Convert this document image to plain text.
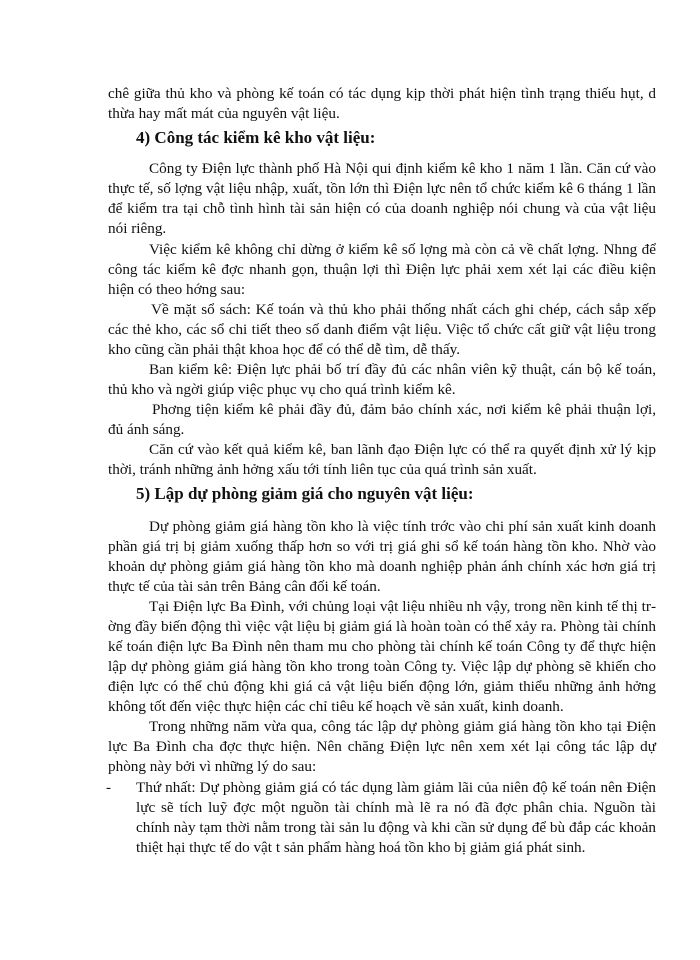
chê giữa thủ kho và phòng kế toán có tác dụng kịp thời phát hiện tình trạng thiếu hụt, d thừa hay mất mát của nguyên vật liệu.

4) Công tác kiểm kê kho vật liệu:

Công ty Điện lực thành phố Hà Nội qui định kiểm kê kho 1 năm 1 lần. Căn cứ vào thực tế, số lợng vật liệu nhập, xuất, tồn lớn thì Điện lực nên tổ chức kiểm kê 6 tháng 1 lần để kiểm tra tại chỗ tình hình tài sản hiện có của doanh nghiệp nói chung và của vật liệu nói riêng.

Việc kiểm kê không chỉ dừng ở kiểm kê số lợng mà còn cả về chất lợng. Nhng để công tác kiểm kê đợc nhanh gọn, thuận lợi thì Điện lực phải xem xét lại các điều kiện hiện có theo hớng sau:

Về mặt sổ sách: Kế toán và thủ kho phải thống nhất cách ghi chép, cách sắp xếp các thẻ kho, các sổ chi tiết theo số danh điểm vật liệu. Việc tổ chức cất giữ vật liệu trong kho cũng cần phải thật khoa học để có thể dễ tìm, dễ thấy.

Ban kiểm kê: Điện lực phải bố trí đầy đủ các nhân viên kỹ thuật, cán bộ kế toán, thủ kho và ngời giúp việc phục vụ cho quá trình kiểm kê.

Phơng tiện kiểm kê phải đầy đủ, đảm bảo chính xác, nơi kiểm kê phải thuận lợi, đủ ánh sáng.

Căn cứ vào kết quả kiểm kê, ban lãnh đạo Điện lực có thể ra quyết định xử lý kịp thời, tránh những ảnh hởng xấu tới tính liên tục của quá trình sản xuất.

5) Lập dự phòng giảm giá cho nguyên vật liệu:

Dự phòng giảm giá hàng tồn kho là việc tính trớc vào chi phí sản xuất kinh doanh phần giá trị bị giảm xuống thấp hơn so với trị giá ghi sổ kế toán hàng tồn kho. Nhờ vào khoản dự phòng giảm giá hàng tồn kho mà doanh nghiệp phản ánh chính xác hơn giá trị thực tế của tài sản trên Bảng cân đối kế toán.

Tại Điện lực Ba Đình, với chủng loại vật liệu nhiều nh vậy, trong nền kinh tế thị trờng đầy biến động thì việc vật liệu bị giảm giá là hoàn toàn có thể xảy ra. Phòng tài chính kế toán điện lực Ba Đình nên tham mu cho phòng tài chính kế toán Công ty để thực hiện lập dự phòng giảm giá hàng tồn kho trong toàn Công ty. Việc lập dự phòng sẽ khiến cho điện lực có thể chủ động khi giá cả vật liệu biến động lớn, giảm thiểu những ảnh hởng không tốt đến việc thực hiện các chỉ tiêu kế hoạch về sản xuất, kinh doanh.

Trong những năm vừa qua, công tác lập dự phòng giảm giá hàng tồn kho tại Điện lực Ba Đình cha đợc thực hiện. Nên chăng Điện lực nên xem xét lại công tác lập dự phòng này bởi vì những lý do sau:

- Thứ nhất: Dự phòng giảm giá có tác dụng làm giảm lãi của niên độ kế toán nên Điện lực sẽ tích luỹ đợc một nguồn tài chính mà lẽ ra nó đã đợc phân chia. Nguồn tài chính này tạm thời nằm trong tài sản lu động và khi cần sử dụng để bù đắp các khoản thiệt hại thực tế do vật t sản phẩm hàng hoá tồn kho bị giảm giá phát sinh.
